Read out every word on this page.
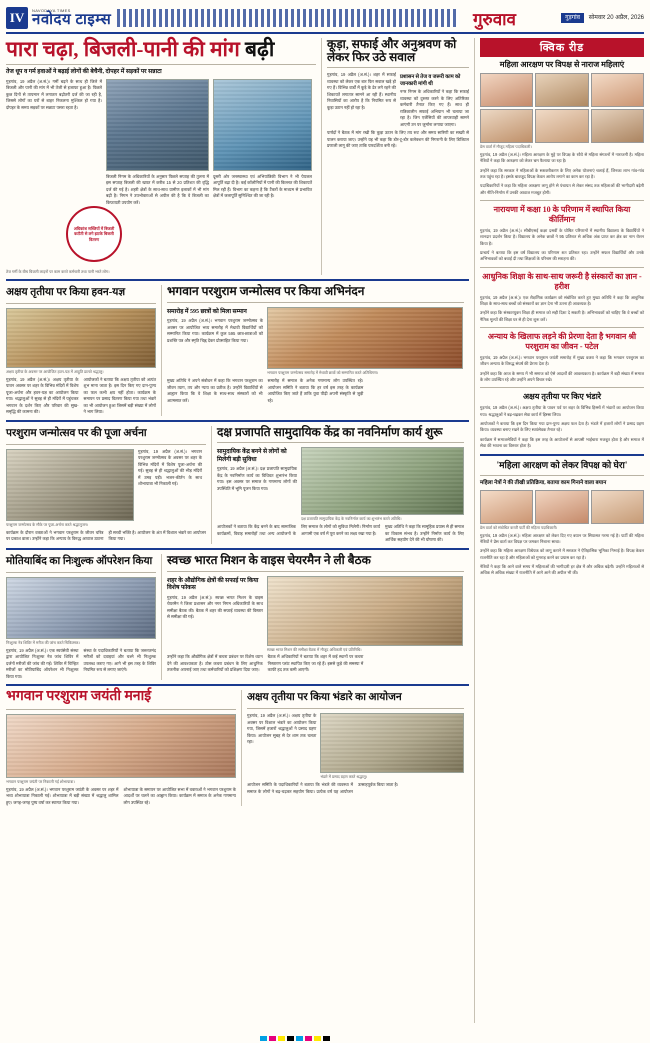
IV	NAVODAYA TIMES
नवोदय टाइम्स	गुरुवाव	गुड़गांव सोमवार 20 अप्रैल, 2026
पारा चढ़ा, बिजली-पानी की मांग बढ़ी
तेज धूप व गर्म हवाओं ने बढ़ाई लोगों की बेचैनी, दोपहर में सड़कों पर सन्नाटा
गुड़गांव, 19 अप्रैल (अ.सं.)। गर्मी बढ़ने के साथ ही जिले में बिजली और पानी की मांग में भी तेजी से इजाफा हुआ है। पिछले कुछ दिनों से तापमान में लगातार बढ़ोतरी दर्ज की जा रही है, जिससे लोगों का घरों से बाहर निकलना मुश्किल हो गया है। दोपहर के समय सड़कों पर सन्नाटा पसरा रहता है।
बिजली निगम के अधिकारियों के अनुसार पिछले सप्ताह की तुलना में इस सप्ताह बिजली की खपत में करीब 15 से 20 प्रतिशत की वृद्धि दर्ज की गई है। शहरी क्षेत्रों के साथ-साथ ग्रामीण इलाकों में भी मांग बढ़ी है। निगम ने उपभोक्ताओं से अपील की है कि वे बिजली का किफायती उपयोग करें।
दूसरी ओर जनस्वास्थ्य एवं अभियांत्रिकी विभाग ने भी पेयजल आपूर्ति बढ़ा दी है। कई कॉलोनियों में पानी की किल्लत की शिकायतें मिल रही हैं। विभाग का कहना है कि टैंकरों के माध्यम से प्रभावित क्षेत्रों में जलापूर्ति सुनिश्चित की जा रही है।
अघिकांश सब्जियों में बिजली कटौती से लगे झटके बिजली वितरण
तेज गर्मी के बीच बिजली लाइनों पर काम करते कर्मचारी तथा पानी भरते लोग।
कूड़ा, सफाई और अनुश्रवण को लेकर फिर उठे सवाल
गुड़गांव, 19 अप्रैल (अ.सं.)। शहर में सफाई व्यवस्था को लेकर एक बार फिर सवाल खड़े हो गए हैं। विभिन्न वार्डों में कूड़े के ढेर लगे रहने की शिकायतें लगातार सामने आ रही हैं। स्थानीय निवासियों का आरोप है कि नियमित रूप से कूड़ा उठान नहीं हो रहा है।
प्रशासन से तेज व जरूरी काम को जानकारी मांगी थी
नगर निगम के अधिकारियों ने कहा कि सफाई व्यवस्था को दुरुस्त करने के लिए अतिरिक्त कर्मचारी तैनात किए गए हैं। साथ ही रात्रिकालीन सफाई अभियान भी चलाया जा रहा है। जिन एजेंसियों की लापरवाही सामने आएगी उन पर जुर्माना लगाया जाएगा।
पार्षदों ने बैठक में मांग रखी कि कूड़ा उठान के लिए तय रूट और समय सारिणी का सख्ती से पालन कराया जाए। उन्होंने यह भी कहा कि डोर-टू-डोर कलेक्शन की निगरानी के लिए डिजिटल प्रणाली लागू की जाए ताकि पारदर्शिता बनी रहे।
अक्षय तृतीया पर किया हवन-यज्ञ
अक्षय तृतीया के अवसर पर आयोजित हवन-यज्ञ में आहुति डालते श्रद्धालु।
गुड़गांव, 19 अप्रैल (अ.सं.)। अक्षय तृतीया के पावन अवसर पर शहर के विभिन्न मंदिरों में विशेष पूजा-अर्चना और हवन-यज्ञ का आयोजन किया गया। श्रद्धालुओं ने सुबह से ही मंदिरों में पहुंचकर भगवान के दर्शन किए और परिवार की सुख-समृद्धि की कामना की।
आयोजकों ने बताया कि अक्षय तृतीया को अत्यंत शुभ माना जाता है। इस दिन किए गए दान-पुण्य का फल कभी क्षय नहीं होता। कार्यक्रम के समापन पर प्रसाद वितरण किया गया तथा भंडारे का भी आयोजन हुआ जिसमें बड़ी संख्या में लोगों ने भाग लिया।
भगवान परशुराम जन्मोत्सव पर किया अभिनंदन
समारोह में 595 छात्रों को मिला सम्मान
गुड़गांव, 19 अप्रैल (अ.सं.)। भगवान परशुराम जन्मोत्सव के अवसर पर आयोजित भव्य समारोह में मेधावी विद्यार्थियों को सम्मानित किया गया। कार्यक्रम में कुल 595 छात्र-छात्राओं को प्रशस्ति पत्र और स्मृति चिह्न देकर प्रोत्साहित किया गया।
भगवान परशुराम जन्मोत्सव समारोह में मेधावी छात्रों को सम्मानित करते अतिथिगण।
मुख्य अतिथि ने अपने संबोधन में कहा कि भगवान परशुराम का जीवन त्याग, तप और न्याय का प्रतीक है। उन्होंने विद्यार्थियों से आह्वान किया कि वे शिक्षा के साथ-साथ संस्कारों को भी आत्मसात करें।
समारोह में समाज के अनेक गणमान्य लोग उपस्थित रहे। आयोजन समिति ने बताया कि हर वर्ष इस तरह के कार्यक्रम आयोजित किए जाते हैं ताकि युवा पीढ़ी अपनी संस्कृति से जुड़ी रहे।
परशुराम जन्मोत्सव पर की पूजा अर्चना
परशुराम जन्मोत्सव के मौके पर पूजा-अर्चना करते श्रद्धालुजन।
गुड़गांव, 19 अप्रैल (अ.सं.)। भगवान परशुराम जन्मोत्सव के अवसर पर शहर के विभिन्न मंदिरों में विशेष पूजा-अर्चना की गई। सुबह से ही श्रद्धालुओं की भीड़ मंदिरों में उमड़ पड़ी। भजन-कीर्तन के साथ शोभायात्रा भी निकाली गई।
कार्यक्रम के दौरान वक्ताओं ने भगवान परशुराम के जीवन चरित्र पर प्रकाश डाला। उन्होंने कहा कि अन्याय के विरुद्ध आवाज उठाना ही सच्ची भक्ति है। आयोजन के अंत में विशाल भंडारे का आयोजन किया गया।
दक्ष प्रजापति सामुदायिक केंद्र का नवनिर्माण कार्य शुरू
सामुदायिक केंद्र बनने से लोगों को मिलेगी बड़ी सुविधा
गुड़गांव, 19 अप्रैल (अ.सं.)। दक्ष प्रजापति सामुदायिक केंद्र के नवनिर्माण कार्य का विधिवत शुभारंभ किया गया। इस अवसर पर समाज के गणमान्य लोगों की उपस्थिति में भूमि पूजन किया गया।
दक्ष प्रजापति सामुदायिक केंद्र के नवनिर्माण कार्य का शुभारंभ करते अतिथि।
आयोजकों ने बताया कि केंद्र बनने के बाद सामाजिक कार्यक्रमों, विवाह समारोहों तथा अन्य आयोजनों के लिए समाज के लोगों को सुविधा मिलेगी। निर्माण कार्य आगामी एक वर्ष में पूरा करने का लक्ष्य रखा गया है।
मुख्य अतिथि ने कहा कि सामूहिक प्रयास से ही समाज का विकास संभव है। उन्होंने निर्माण कार्य के लिए आर्थिक सहयोग देने की भी घोषणा की।
मोतियाबिंद का निःशुल्क ऑपरेशन किया
निःशुल्क नेत्र शिविर में मरीज की जांच करते चिकित्सक।
गुड़गांव, 19 अप्रैल (अ.सं.)। एक स्वयंसेवी संस्था द्वारा आयोजित निःशुल्क नेत्र जांच शिविर में दर्जनों मरीजों की जांच की गई। शिविर में चिन्हित मरीजों का मोतियाबिंद ऑपरेशन भी निःशुल्क किया गया।
संस्था के पदाधिकारियों ने बताया कि जरूरतमंद मरीजों को दवाइयां और चश्मे भी निःशुल्क उपलब्ध कराए गए। आगे भी इस तरह के शिविर नियमित रूप से लगाए जाएंगे।
स्वच्छ भारत मिशन के वाइस चेयरमैन ने ली बैठक
शहर के औद्योगिक क्षेत्रों की सफाई पर किया विशेष फोकस
गुड़गांव, 19 अप्रैल (अ.सं.)। स्वच्छ भारत मिशन के वाइस चेयरमैन ने जिला प्रशासन और नगर निगम अधिकारियों के साथ समीक्षा बैठक की। बैठक में शहर की सफाई व्यवस्था की विस्तार से समीक्षा की गई।
स्वच्छ भारत मिशन की समीक्षा बैठक में मौजूद अधिकारी एवं प्रतिनिधि।
उन्होंने कहा कि औद्योगिक क्षेत्रों में कचरा प्रबंधन पर विशेष ध्यान देने की आवश्यकता है। ठोस कचरा प्रबंधन के लिए आधुनिक तकनीक अपनाई जाए तथा कर्मचारियों को प्रशिक्षण दिया जाए।
बैठक में अधिकारियों ने बताया कि शहर में कई स्थानों पर कचरा निस्तारण प्लांट स्थापित किए जा रहे हैं। इससे कूड़े की समस्या में काफी हद तक कमी आएगी।
भगवान परशुराम जयंती मनाई
भगवान परशुराम जयंती पर निकाली गई शोभायात्रा।
गुड़गांव, 19 अप्रैल (अ.सं.)। भगवान परशुराम जयंती के अवसर पर शहर में भव्य शोभायात्रा निकाली गई। शोभायात्रा में बड़ी संख्या में श्रद्धालु शामिल हुए। जगह-जगह पुष्प वर्षा कर स्वागत किया गया।
शोभायात्रा के समापन पर आयोजित सभा में वक्ताओं ने भगवान परशुराम के आदर्शों पर चलने का आह्वान किया। कार्यक्रम में समाज के अनेक गणमान्य लोग उपस्थित रहे।
अक्षय तृतीया पर किया भंडारे का आयोजन
गुड़गांव, 19 अप्रैल (अ.सं.)। अक्षय तृतीया के अवसर पर विशाल भंडारे का आयोजन किया गया, जिसमें हजारों श्रद्धालुओं ने प्रसाद ग्रहण किया। आयोजन सुबह से देर शाम तक चलता रहा।
भंडारे में प्रसाद ग्रहण करते श्रद्धालु।
आयोजन समिति के पदाधिकारियों ने बताया कि भंडारे की व्यवस्था में समाज के लोगों ने बढ़-चढ़कर सहयोग किया। प्रत्येक वर्ष यह आयोजन उत्साहपूर्वक किया जाता है।
क्विक रीड
महिला आरक्षण पर विपक्ष से नाराज महिलाएं
प्रेस वार्ता में मौजूद महिला पदाधिकारी।
गुड़गांव, 19 अप्रैल (अ.सं.)। महिला आरक्षण के मुद्दे पर विपक्ष के रवैये से महिला संगठनों में नाराजगी है। महिला नेत्रियों ने कहा कि आरक्षण को लेकर भ्रम फैलाया जा रहा है।
उन्होंने कहा कि सरकार ने महिलाओं के सशक्तीकरण के लिए अनेक योजनाएं चलाई हैं, जिनका लाभ गांव-गांव तक पहुंच रहा है। इसके बावजूद विपक्ष केवल आरोप लगाने का काम कर रहा है।
पदाधिकारियों ने कहा कि महिला आरक्षण लागू होने से पंचायत से लेकर संसद तक महिलाओं की भागीदारी बढ़ेगी और नीति-निर्माण में उनकी आवाज मजबूत होगी।
नारायणा में कक्षा 10 के परिणाम में स्थापित किया कीर्तिमान
गुड़गांव, 19 अप्रैल (अ.सं.)। सीबीएसई कक्षा दसवीं के घोषित परिणामों में स्थानीय विद्यालय के विद्यार्थियों ने शानदार प्रदर्शन किया है। विद्यालय के अनेक छात्रों ने 95 प्रतिशत से अधिक अंक प्राप्त कर क्षेत्र का नाम रोशन किया है।
प्राचार्य ने बताया कि इस वर्ष विद्यालय का परिणाम शत प्रतिशत रहा। उन्होंने सफल विद्यार्थियों और उनके अभिभावकों को बधाई दी तथा शिक्षकों के परिश्रम की सराहना की।
आधुनिक शिक्षा के साथ-साथ जरूरी है संस्कारों का ज्ञान - हरीश
गुड़गांव, 19 अप्रैल (अ.सं.)। एक शैक्षणिक कार्यक्रम को संबोधित करते हुए मुख्य अतिथि ने कहा कि आधुनिक शिक्षा के साथ-साथ बच्चों को संस्कारों का ज्ञान देना भी उतना ही आवश्यक है।
उन्होंने कहा कि संस्कारयुक्त शिक्षा ही समाज को सही दिशा दे सकती है। अभिभावकों को चाहिए कि वे बच्चों को नैतिक मूल्यों की शिक्षा घर से ही देना शुरू करें।
अन्याय के खिलाफ लड़ने की प्रेरणा देता है भगवान श्री परशुराम का जीवन - पटेल
गुड़गांव, 19 अप्रैल (अ.सं.)। भगवान परशुराम जयंती समारोह में मुख्य वक्ता ने कहा कि भगवान परशुराम का जीवन अन्याय के विरुद्ध संघर्ष की प्रेरणा देता है।
उन्होंने कहा कि आज के समय में भी समाज को ऐसे आदर्शों की आवश्यकता है। कार्यक्रम में बड़ी संख्या में समाज के लोग उपस्थित रहे और उन्होंने अपने विचार रखे।
अक्षय तृतीया पर किए भंडारे
गुड़गांव, 19 अप्रैल (अ.सं.)। अक्षय तृतीया के पावन पर्व पर शहर के विभिन्न हिस्सों में भंडारों का आयोजन किया गया। श्रद्धालुओं ने बढ़-चढ़कर सेवा कार्य में हिस्सा लिया।
आयोजकों ने बताया कि इस दिन किया गया दान-पुण्य अक्षय फल देता है। भंडारे में हजारों लोगों ने प्रसाद ग्रहण किया। व्यवस्था बनाए रखने के लिए स्वयंसेवक तैनात रहे।
कार्यक्रम में समाजसेवियों ने कहा कि इस तरह के आयोजनों से आपसी भाईचारा मजबूत होता है और समाज में सेवा की भावना का विस्तार होता है।
'महिला आरक्षण को लेकर विपक्ष को घेरा'
महिला नेत्रों ने की तीखी प्रतिक्रिया, बताया काम गिनाने वाला बयान
प्रेस वार्ता को संबोधित करतीं पार्टी की महिला पदाधिकारी।
गुड़गांव, 19 अप्रैल (अ.सं.)। महिला आरक्षण को लेकर दिए गए बयान पर सियासत गरमा गई है। पार्टी की महिला नेत्रियों ने प्रेस वार्ता कर विपक्ष पर जमकर निशाना साधा।
उन्होंने कहा कि महिला आरक्षण विधेयक को लागू कराने में सरकार ने ऐतिहासिक भूमिका निभाई है। विपक्ष केवल राजनीति कर रहा है और महिलाओं को गुमराह करने का प्रयास कर रहा है।
नेत्रियों ने कहा कि आने वाले समय में महिलाओं की भागीदारी हर क्षेत्र में और अधिक बढ़ेगी। उन्होंने महिलाओं से अधिक से अधिक संख्या में राजनीति में आगे आने की अपील भी की।
